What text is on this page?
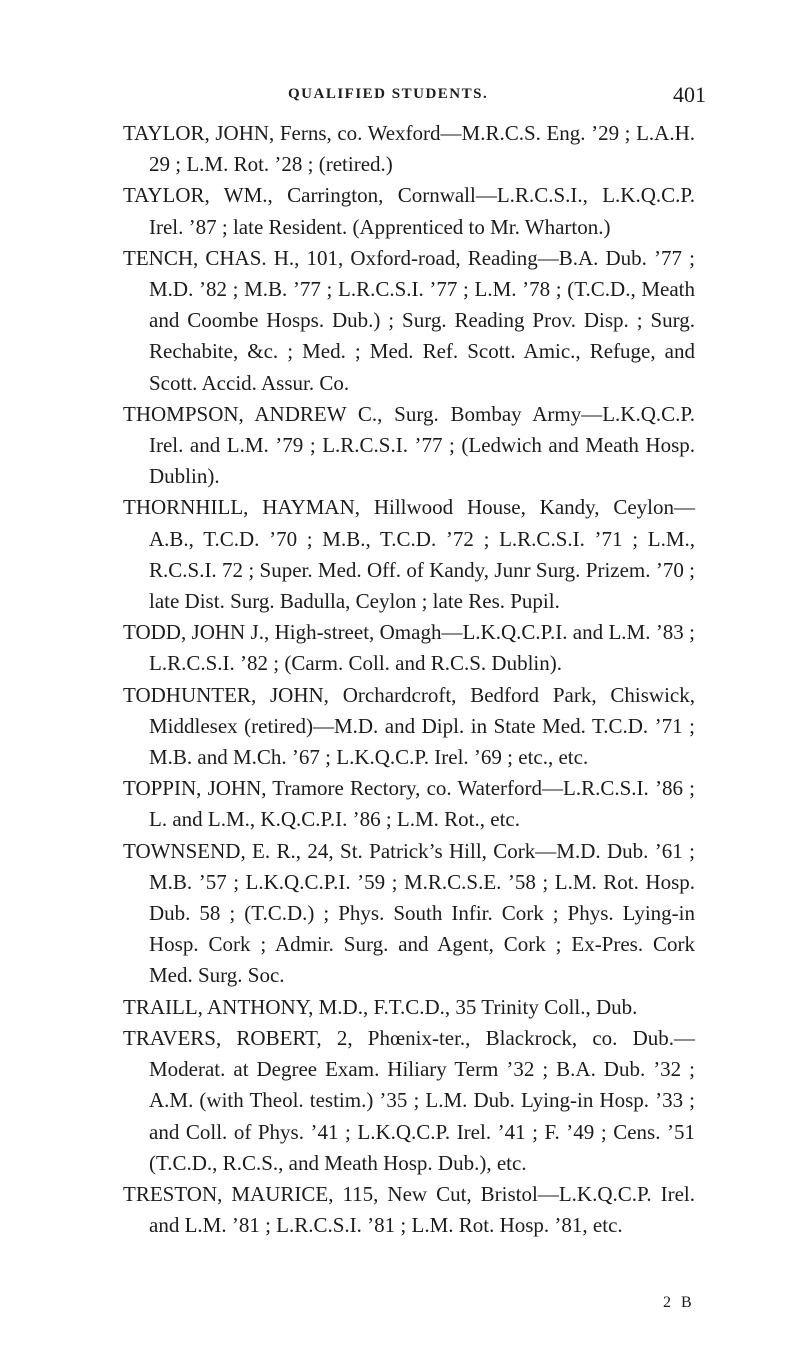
QUALIFIED STUDENTS.	401

TAYLOR, JOHN, Ferns, co. Wexford—M.R.C.S. Eng. ’29 ; L.A.H. 29 ; L.M. Rot. ’28 ; (retired.)

TAYLOR, WM., Carrington, Cornwall—L.R.C.S.I., L.K.Q.C.P. Irel. ’87 ; late Resident. (Apprenticed to Mr. Wharton.)

TENCH, CHAS. H., 101, Oxford-road, Reading—B.A. Dub. ’77 ; M.D. ’82 ; M.B. ’77 ; L.R.C.S.I. ’77 ; L.M. ’78 ; (T.C.D., Meath and Coombe Hosps. Dub.) ; Surg. Reading Prov. Disp. ; Surg. Rechabite, &c. ; Med. ; Med. Ref. Scott. Amic., Refuge, and Scott. Accid. Assur. Co.

THOMPSON, ANDREW C., Surg. Bombay Army—L.K.Q.C.P. Irel. and L.M. ’79 ; L.R.C.S.I. ’77 ; (Ledwich and Meath Hosp. Dublin).

THORNHILL, HAYMAN, Hillwood House, Kandy, Ceylon— A.B., T.C.D. ’70 ; M.B., T.C.D. ’72 ; L.R.C.S.I. ’71 ; L.M., R.C.S.I. 72 ; Super. Med. Off. of Kandy, Junr Surg. Prizem. ’70 ; late Dist. Surg. Badulla, Ceylon ; late Res. Pupil.

TODD, JOHN J., High-street, Omagh—L.K.Q.C.P.I. and L.M. ’83 ; L.R.C.S.I. ’82 ; (Carm. Coll. and R.C.S. Dublin).

TODHUNTER, JOHN, Orchardcroft, Bedford Park, Chiswick, Middlesex (retired)—M.D. and Dipl. in State Med. T.C.D. ’71 ; M.B. and M.Ch. ’67 ; L.K.Q.C.P. Irel. ’69 ; etc., etc.

TOPPIN, JOHN, Tramore Rectory, co. Waterford—L.R.C.S.I. ’86 ; L. and L.M., K.Q.C.P.I. ’86 ; L.M. Rot., etc.

TOWNSEND, E. R., 24, St. Patrick’s Hill, Cork—M.D. Dub. ’61 ; M.B. ’57 ; L.K.Q.C.P.I. ’59 ; M.R.C.S.E. ’58 ; L.M. Rot. Hosp. Dub. 58 ; (T.C.D.) ; Phys. South Infir. Cork ; Phys. Lying-in Hosp. Cork ; Admir. Surg. and Agent, Cork ; Ex-Pres. Cork Med. Surg. Soc.

TRAILL, ANTHONY, M.D., F.T.C.D., 35 Trinity Coll., Dub.

TRAVERS, ROBERT, 2, Phœnix-ter., Blackrock, co. Dub.— Moderat. at Degree Exam. Hiliary Term ’32 ; B.A. Dub. ’32 ; A.M. (with Theol. testim.) ’35 ; L.M. Dub. Lying-in Hosp. ’33 ; and Coll. of Phys. ’41 ; L.K.Q.C.P. Irel. ’41 ; F. ’49 ; Cens. ’51 (T.C.D., R.C.S., and Meath Hosp. Dub.), etc.

TRESTON, MAURICE, 115, New Cut, Bristol—L.K.Q.C.P. Irel. and L.M. ’81 ; L.R.C.S.I. ’81 ; L.M. Rot. Hosp. ’81, etc.

2 B
